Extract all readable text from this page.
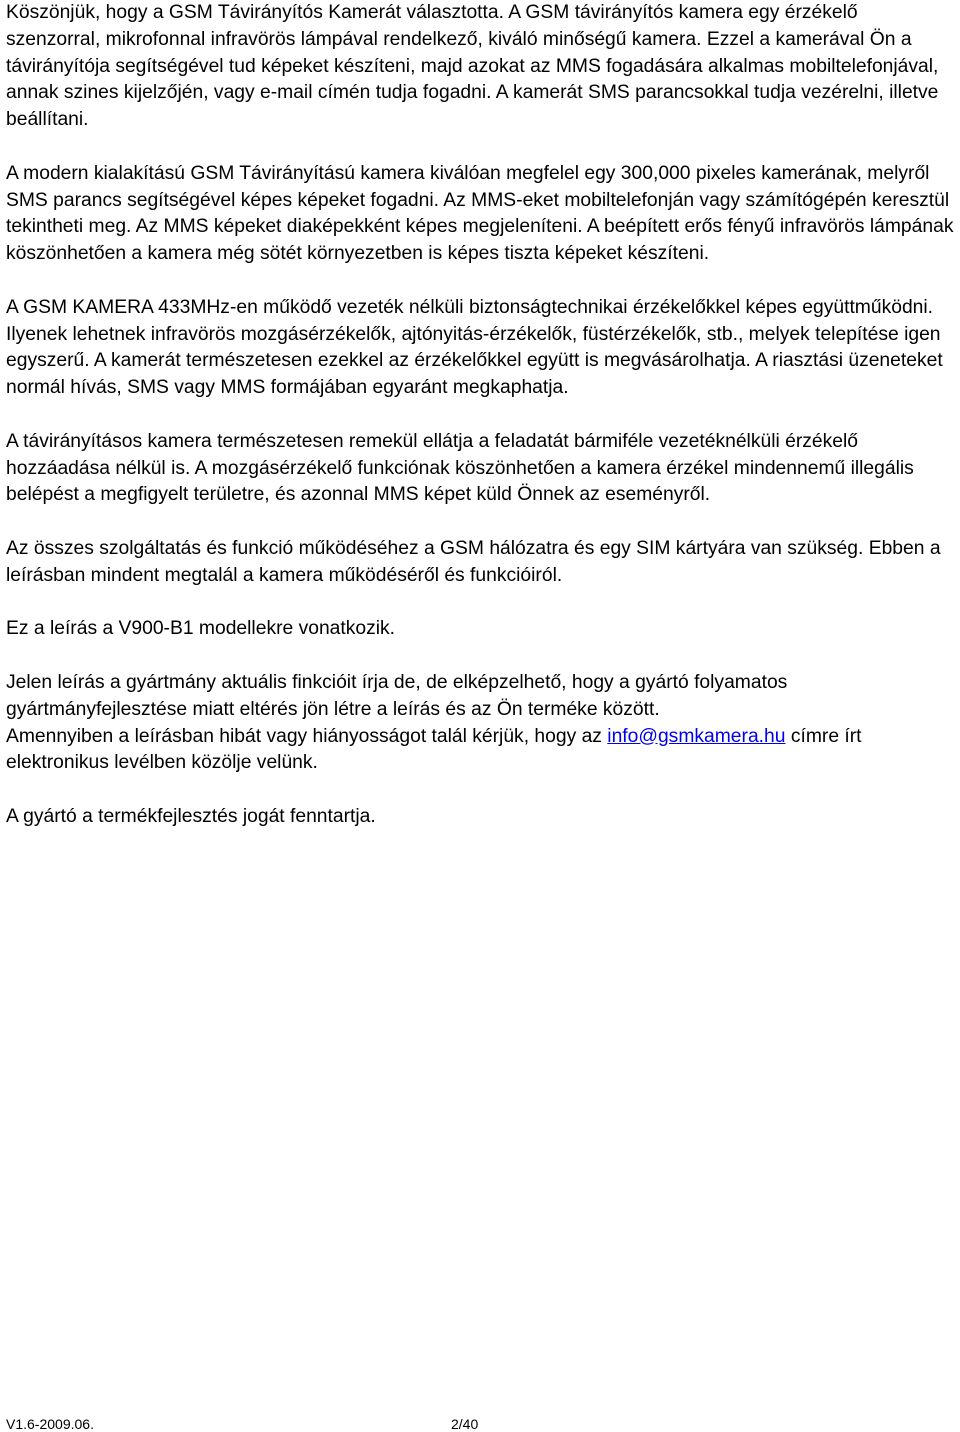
Köszönjük, hogy a GSM Távirányítós Kamerát választotta. A GSM távirányítós kamera egy érzékelő szenzorral, mikrofonnal infravörös lámpával rendelkező, kiváló minőségű kamera. Ezzel a kamerával Ön a távirányítója segítségével tud képeket készíteni, majd azokat az MMS fogadására alkalmas mobiltelefonjával, annak szines kijelzőjén, vagy e-mail címén tudja fogadni. A kamerát SMS parancsokkal tudja vezérelni, illetve beállítani.

A modern kialakítású GSM Távirányítású kamera kiválóan megfelel egy 300,000 pixeles kamerának, melyről SMS parancs segítségével képes képeket fogadni. Az MMS-eket mobiltelefonján vagy számítógépén keresztül tekintheti meg. Az MMS képeket diaképekként képes megjeleníteni. A beépített erős fényű infravörös lámpának köszönhetően a kamera még sötét környezetben is képes tiszta képeket készíteni.

A GSM KAMERA 433MHz-en működő vezeték nélküli biztonságtechnikai érzékelőkkel képes együttműködni. Ilyenek lehetnek infravörös mozgásérzékelők, ajtónyitás-érzékelők, füstérzékelők, stb., melyek telepítése igen egyszerű. A kamerát természetesen ezekkel az érzékelőkkel együtt is megvásárolhatja. A riasztási üzeneteket normál hívás, SMS vagy MMS formájában egyaránt megkaphatja.

A távirányításos kamera természetesen remekül ellátja a feladatát bármiféle vezetéknélküli érzékelő hozzáadása nélkül is. A mozgásérzékelő funkciónak köszönhetően a kamera érzékel mindennemű illegális belépést a megfigyelt területre, és azonnal MMS képet küld Önnek az eseményről.

Az összes szolgáltatás és funkció működéséhez a GSM hálózatra és egy SIM kártyára van szükség. Ebben a leírásban mindent megtalál a kamera működéséről és funkcióiról.

Ez a leírás a V900-B1 modellekre vonatkozik.

Jelen leírás a gyártmány aktuális finkcióit írja de, de elképzelhető, hogy a gyártó folyamatos gyártmányfejlesztése miatt eltérés jön létre a leírás és az Ön terméke között.

Amennyiben a leírásban hibát vagy hiányosságot talál kérjük, hogy az info@gsmkamera.hu címre írt elektronikus levélben közölje velünk.

A gyártó a termékfejlesztés jogát fenntartja.

V1.6-2009.06.	2/40
